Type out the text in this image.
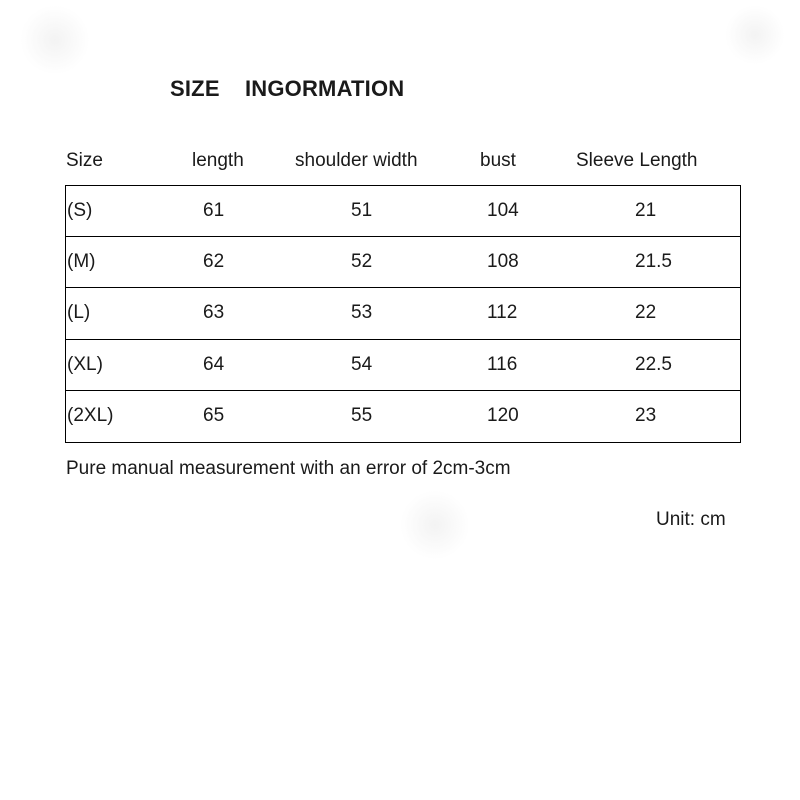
SIZE    INGORMATION
Size	length	shoulder width	bust	Sleeve Length
(S)	61	51	104	21
(M)	62	52	108	21.5
(L)	63	53	112	22
(XL)	64	54	116	22.5
(2XL)	65	55	120	23
Pure manual measurement with an error of 2cm-3cm
Unit: cm
